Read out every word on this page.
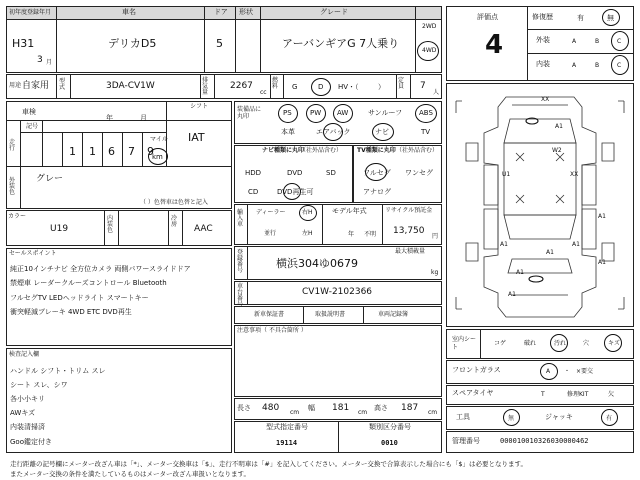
初年度登録年月	車名	ドア 形状	グレード
H31
3 月
デリカD5	5	アーバンギアG 7人乗り
2WD
4WD
用途 自家用 型式	3DA-CV1W
排気量
2267
cc
燃料	G	D HV・（	）
定員	7
人
車検
年	月
シフト
IAT
走行
記号
1 1 6 7 9
マイル
km
外装色
グレー
（ ）色替車は色替と記入
カラー
U19
内装色
冷房 AAC
セールスポイント
純正10インチナビ 全方位カメラ 両側パワースライドドア
禁煙車 レーダークルーズコントロール Bluetooth
フルセグTV LEDヘッドライト スマートキー
衝突軽減ブレーキ 4WD ETC DVD再生
検査記入欄
ハンドル シフト・トリム スレ
シート スレ、シワ
各小小キリ
AWキズ
内装清掃済
Goo鑑定付き
装備品に丸印	PS	PW AW	サンルーフ ABS
本革	エアバック	ナビ	TV
ナビ種類に丸印
（社外品含む）
HDD	DVD	SD
CD	DVD再生可
TV種類に丸印 （社外品含む）
フルセグ ワンセグ
アナログ
輸入車
ディーラー	右H
並行	左H
モデル年式
年 不明
リサイクル預託金
13,750
円
登録番号
最大積載量
横浜304ゆ0679
kg
車台番号
CV1W-2102366
新車保証書	取扱説明書	車両記録簿
注意事項（ 不具合箇所 ）
長さ 480 cm
幅 181 cm
高さ 187 cm
型式指定番号
19114
類別区分番号
0010
評価点
4
修復歴	有	無
外装	A	B	C
内装	A	B	C
XX
A1
U1	XX
W2
A1
A1
A1
A1
A1
A1
A1
室内シート
コゲ	破れ	汚れ	穴	キズ
フロントガラス	A ・ ×要交
スペアタイヤ	T	修理KIT	欠
工具	無	ジャッキ	有
管理番号	000010010326030000462
走行距離の記号欄にメーター改ざん車は「*」、メーター交換車は「$」、走行不明車は「#」を記入してください。メーター交換で合算表示した場合にも「$」は必要となります。
またメーター交換の条件を満たしているものはメーター改ざん車扱いとなります。
